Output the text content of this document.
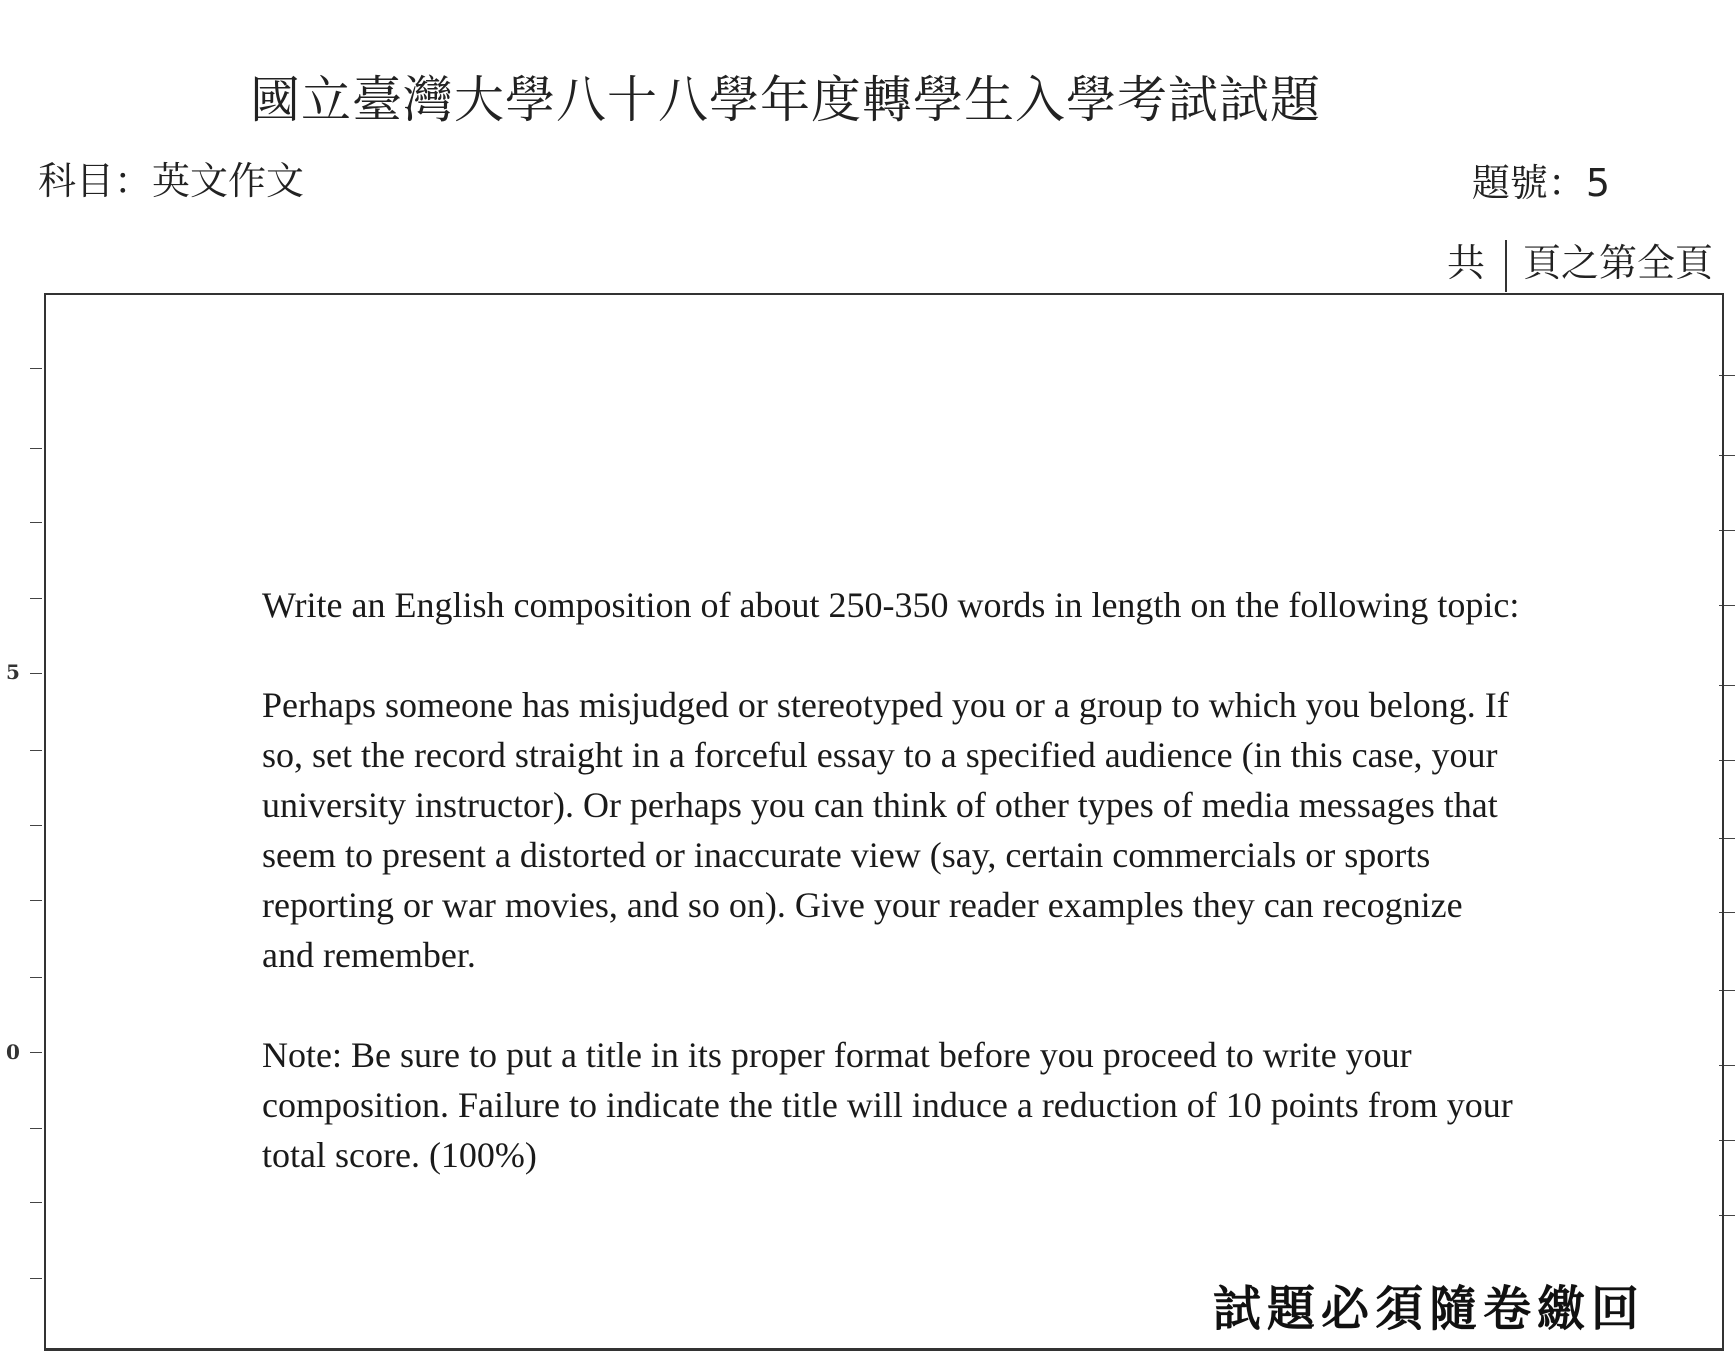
國立臺灣大學八十八學年度轉學生入學考試試題
科目：英文作文	題號：5
共 頁之第全頁
5
0

Write an English composition of about 250-350 words in length on the following topic:

Perhaps someone has misjudged or stereotyped you or a group to which you belong. If so, set the record straight in a forceful essay to a specified audience (in this case, your university instructor). Or perhaps you can think of other types of media messages that seem to present a distorted or inaccurate view (say, certain commercials or sports reporting or war movies, and so on). Give your reader examples they can recognize and remember.

Note: Be sure to put a title in its proper format before you proceed to write your composition. Failure to indicate the title will induce a reduction of 10 points from your total score. (100%)

試題必須隨卷繳回
